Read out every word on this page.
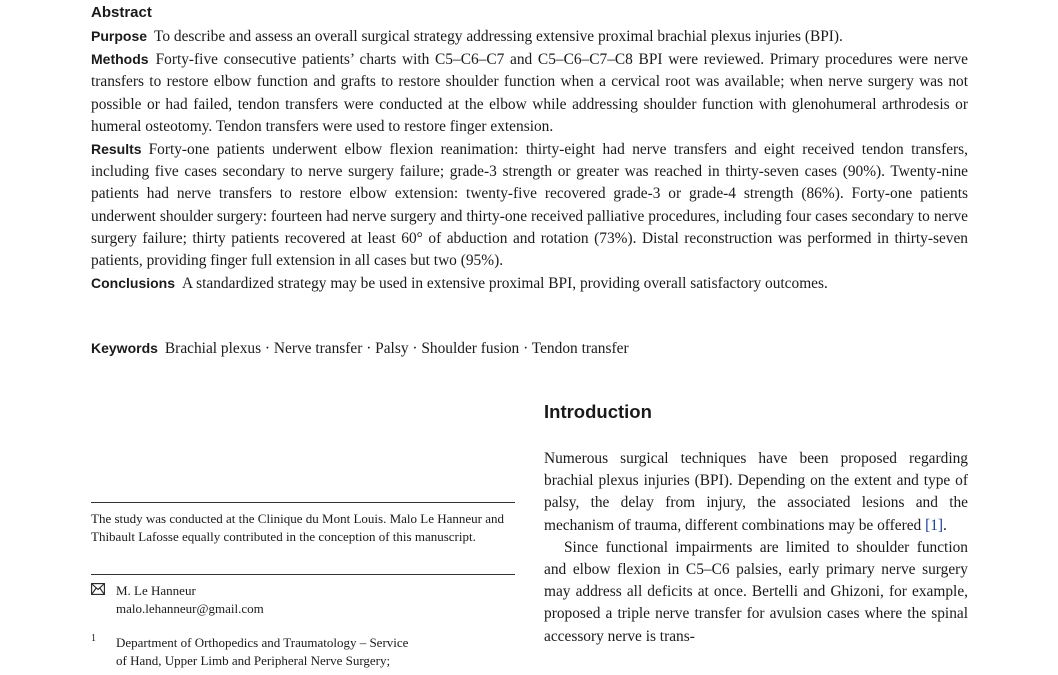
Abstract

Purpose To describe and assess an overall surgical strategy addressing extensive proximal brachial plexus injuries (BPI).

Methods Forty-five consecutive patients’ charts with C5–C6–C7 and C5–C6–C7–C8 BPI were reviewed. Primary procedures were nerve transfers to restore elbow function and grafts to restore shoulder function when a cervical root was available; when nerve surgery was not possible or had failed, tendon transfers were conducted at the elbow while addressing shoulder function with glenohumeral arthrodesis or humeral osteotomy. Tendon transfers were used to restore finger extension.

Results Forty-one patients underwent elbow flexion reanimation: thirty-eight had nerve transfers and eight received tendon transfers, including five cases secondary to nerve surgery failure; grade-3 strength or greater was reached in thirty-seven cases (90%). Twenty-nine patients had nerve transfers to restore elbow extension: twenty-five recovered grade-3 or grade-4 strength (86%). Forty-one patients underwent shoulder surgery: fourteen had nerve surgery and thirty-one received palliative procedures, including four cases secondary to nerve surgery failure; thirty patients recovered at least 60° of abduction and rotation (73%). Distal reconstruction was performed in thirty-seven patients, providing finger full extension in all cases but two (95%).

Conclusions A standardized strategy may be used in extensive proximal BPI, providing overall satisfactory outcomes.

Keywords Brachial plexus · Nerve transfer · Palsy · Shoulder fusion · Tendon transfer
Introduction

Numerous surgical techniques have been proposed regarding brachial plexus injuries (BPI). Depending on the extent and type of palsy, the delay from injury, the associated lesions and the mechanism of trauma, different combinations may be offered [1].

Since functional impairments are limited to shoulder function and elbow flexion in C5–C6 palsies, early primary nerve surgery may address all deficits at once. Bertelli and Ghizoni, for example, proposed a triple nerve transfer for avulsion cases where the spinal accessory nerve is trans-

The study was conducted at the Clinique du Mont Louis. Malo Le Hanneur and Thibault Lafosse equally contributed in the conception of this manuscript.
M. Le Hanneur
malo.lehanneur@gmail.com
1 Department of Orthopedics and Traumatology – Service
of Hand, Upper Limb and Peripheral Nerve Surgery;
